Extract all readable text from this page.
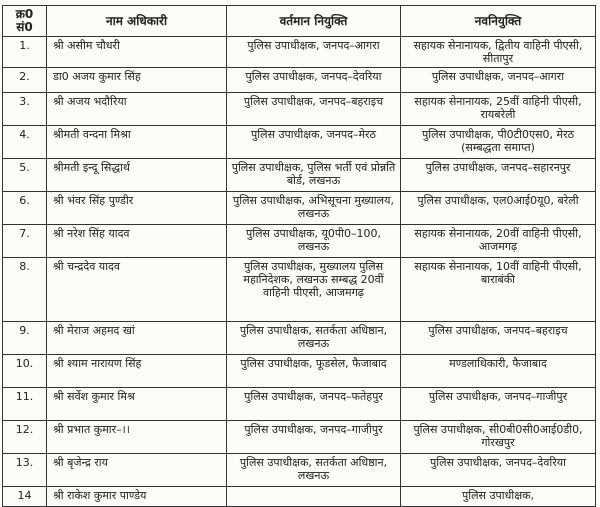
क्र0 सं0	नाम अधिकारी	वर्तमान नियुक्ति	नवनियुक्ति
1.	श्री असीम चौधरी	पुलिस उपाधीक्षक, जनपद–आगरा	सहायक सेनानायक, द्वितीय वाहिनी पीएसी, सीतापुर
2.	डा0 अजय कुमार सिंह	पुलिस उपाधीक्षक, जनपद–देवरिया	पुलिस उपाधीक्षक, जनपद–आगरा
3.	श्री अजय भदौरिया	पुलिस उपाधीक्षक, जनपद–बहराइच	सहायक सेनानायक, 25वीं वाहिनी पीएसी, रायबरेली
4.	श्रीमती वन्दना मिश्रा	पुलिस उपाधीक्षक, जनपद–मेरठ	पुलिस उपाधीक्षक, पी0टी0एस0, मेरठ (सम्बद्धता समाप्त)
5.	श्रीमती इन्दू सिद्धार्थ	पुलिस उपाधीक्षक, पुलिस भर्ती एवं प्रोन्नति बोर्ड, लखनऊ	पुलिस उपाधीक्षक, जनपद–सहारनपुर
6.	श्री भंवर सिंह पुण्डीर	पुलिस उपाधीक्षक, अभिसूचना मुख्यालय, लखनऊ	पुलिस उपाधीक्षक, एल0आई0यू0, बरेली
7.	श्री नरेश सिंह यादव	पुलिस उपाधीक्षक, यू0पी0–100, लखनऊ	सहायक सेनानायक, 20वीं वाहिनी पीएसी, आजमगढ़
8.	श्री चन्द्रदेव यादव	पुलिस उपाधीक्षक, मुख्यालय पुलिस महानिदेशक, लखनऊ सम्बद्ध 20वीं वाहिनी पीएसी, आजमगढ़	सहायक सेनानायक, 10वीं वाहिनी पीएसी, बाराबंकी
9.	श्री मेराज अहमद खां	पुलिस उपाधीक्षक, सतर्कता अधिष्ठान, लखनऊ	पुलिस उपाधीक्षक, जनपद–बहराइच
10.	श्री श्याम नारायण सिंह	पुलिस उपाधीक्षक, फूडसेल, फैजाबाद	मण्डलाधिकारी, फैजाबाद
11.	श्री सर्वेश कुमार मिश्र	पुलिस उपाधीक्षक, जनपद–फतेहपुर	पुलिस उपाधीक्षक, जनपद–गाजीपुर
12.	श्री प्रभात कुमार–।।	पुलिस उपाधीक्षक, जनपद–गाजीपुर	पुलिस उपाधीक्षक, सी0बी0सी0आई0डी0, गोरखपुर
13.	श्री बृजेन्द्र राय	पुलिस उपाधीक्षक, सतर्कता अधिष्ठान, लखनऊ	पुलिस उपाधीक्षक, जनपद–देवरिया
14	श्री राकेश कुमार पाण्डेय		पुलिस उपाधीक्षक,
